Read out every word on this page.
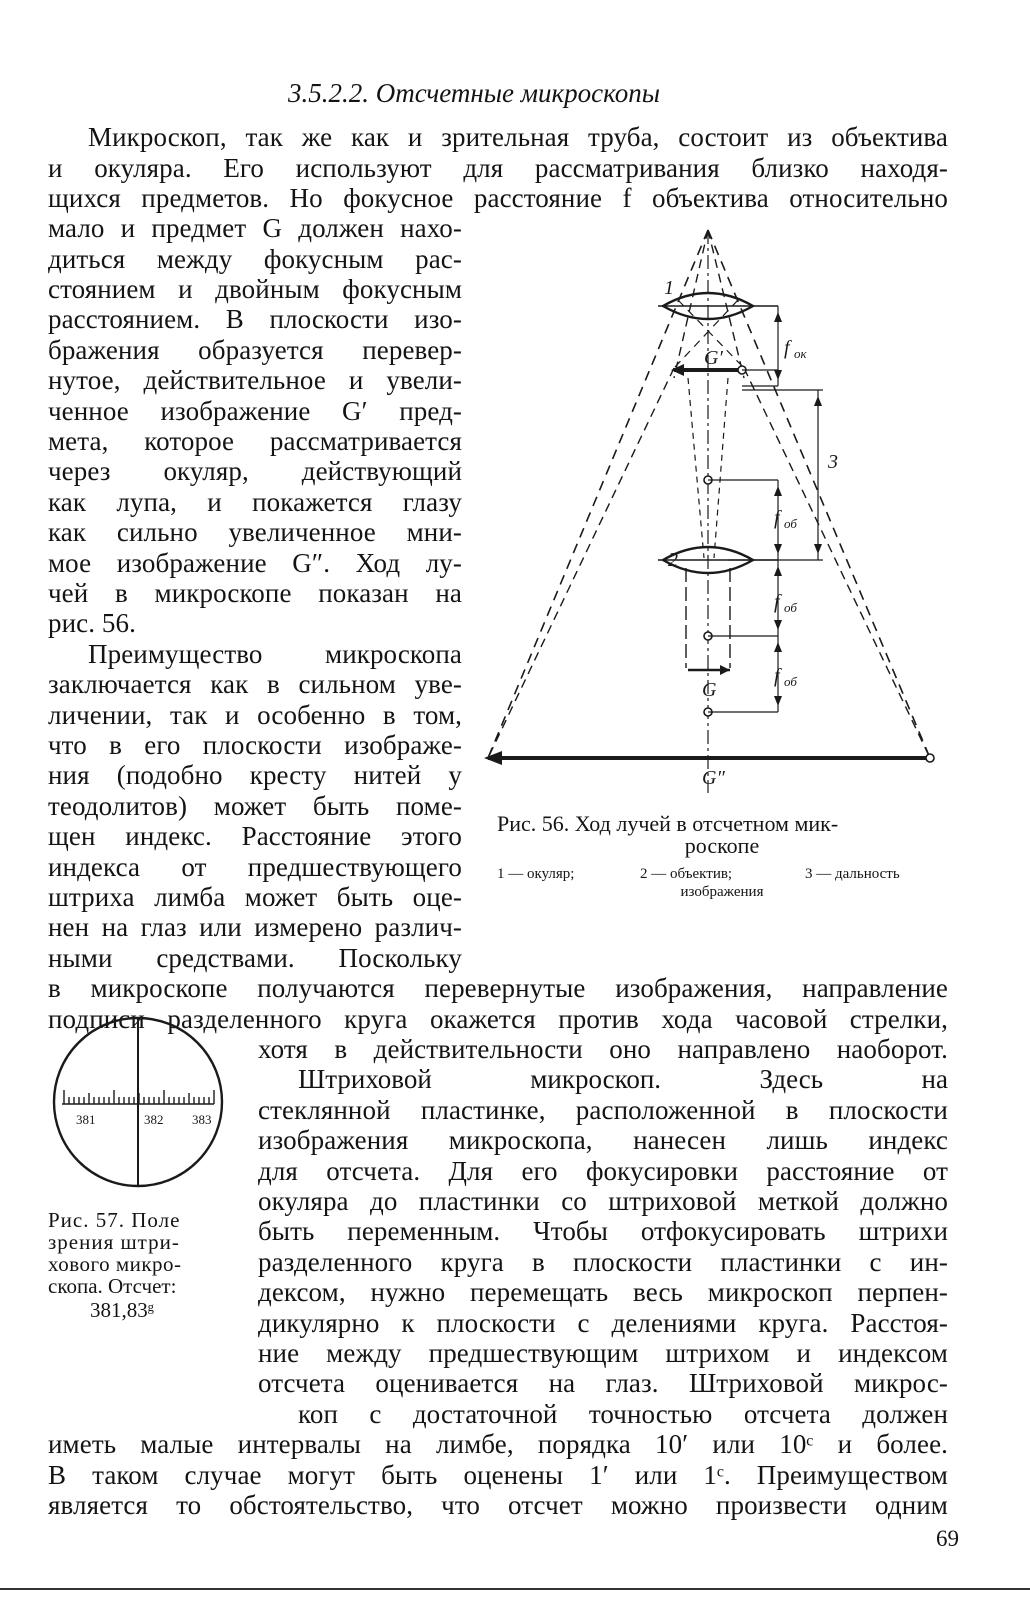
3.5.2.2. Отсчетные микроскопы
Микроскоп, так же как и зрительная труба, состоит из объектива
и окуляра. Его используют для рассматривания близко находя-
щихся предметов. Но фокусное расстояние f объектива относительно
мало и предмет G должен нахо-
диться между фокусным рас-
стоянием и двойным фокусным
расстоянием. В плоскости изо-
бражения образуется перевер-
нутое, действительное и увели-
ченное изображение G′ пред-
мета, которое рассматривается
через окуляр, действующий
как лупа, и покажется глазу
как сильно увеличенное мни-
мое изображение G″. Ход лу-
чей в микроскопе показан на
рис. 56.
Преимущество микроскопа
заключается как в сильном уве-
личении, так и особенно в том,
что в его плоскости изображе-
ния (подобно кресту нитей у
теодолитов) может быть поме-
щен индекс. Расстояние этого
индекса от предшествующего
штриха лимба может быть оце-
нен на глаз или измерено различ-
ными средствами. Поскольку
в микроскопе получаются перевернутые изображения, направление
подписи разделенного круга окажется против хода часовой стрелки,
хотя в действительности оно направлено наоборот.
Штриховой микроскоп. Здесь на
стеклянной пластинке, расположенной в плоскости
изображения микроскопа, нанесен лишь индекс
для отсчета. Для его фокусировки расстояние от
окуляра до пластинки со штриховой меткой должно
быть переменным. Чтобы отфокусировать штрихи
разделенного круга в плоскости пластинки с ин-
дексом, нужно перемещать весь микроскоп перпен-
дикулярно к плоскости с делениями круга. Расстоя-
ние между предшествующим штрихом и индексом
отсчета оценивается на глаз. Штриховой микрос-
коп с достаточной точностью отсчета должен
иметь малые интервалы на лимбе, порядка 10′ или 10ᶜ и более.
В таком случае могут быть оценены 1′ или 1ᶜ. Преимуществом
является то обстоятельство, что отсчет можно произвести одним
1
2
3
G′
G
G″
f ок
f об
f об
f об
Рис. 56. Ход лучей в отсчетном мик-
роскопе
1 — окуляр;	2 — объектив;	3 — дальность
изображения
381	382 383
Рис. 57. Поле
зрения штри-
хового микро-
скопа. Отсчет:
381,83ᵍ
69
